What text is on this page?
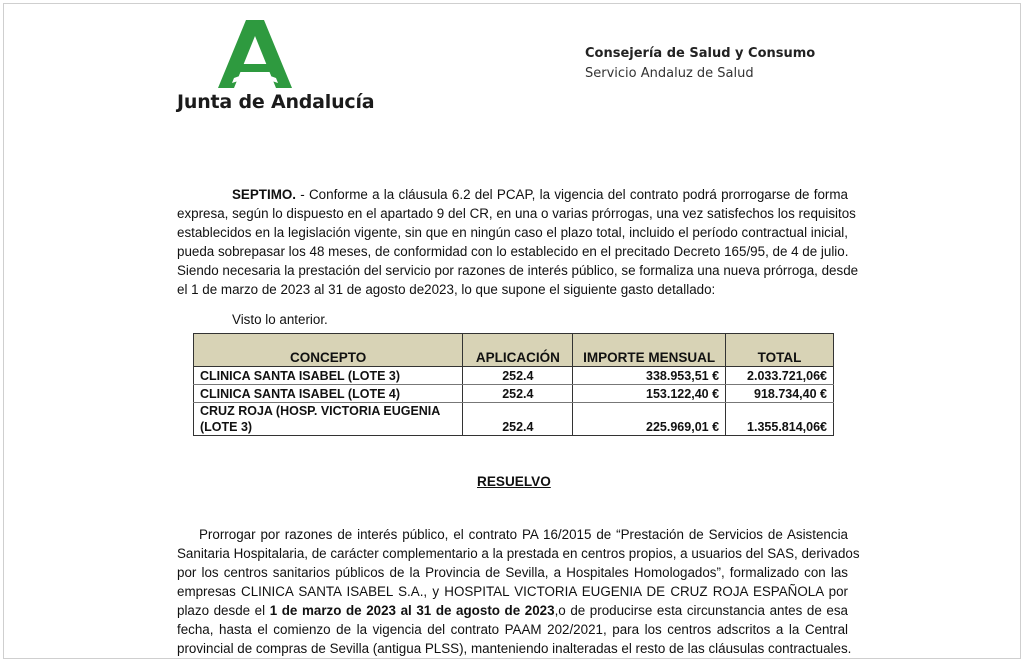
Junta de Andalucía
Consejería de Salud y Consumo
Servicio Andaluz de Salud
SEPTIMO. - Conforme a la cláusula 6.2 del PCAP, la vigencia del contrato podrá prorrogarse de forma
expresa, según lo dispuesto en el apartado 9 del CR, en una o varias prórrogas, una vez satisfechos los requisitos
establecidos en la legislación vigente, sin que en ningún caso el plazo total, incluido el período contractual inicial,
pueda sobrepasar los 48 meses, de conformidad con lo establecido en el precitado Decreto 165/95, de 4 de julio.
Siendo necesaria la prestación del servicio por razones de interés público, se formaliza una nueva prórroga, desde
el 1 de marzo de 2023 al 31 de agosto de2023, lo que supone el siguiente gasto detallado:
Visto lo anterior.
CONCEPTO	APLICACIÓN	IMPORTE MENSUAL	TOTAL
CLINICA SANTA ISABEL (LOTE 3)	252.4	338.953,51 €	2.033.721,06€
CLINICA SANTA ISABEL (LOTE 4)	252.4	153.122,40 €	918.734,40 €
CRUZ ROJA (HOSP. VICTORIA EUGENIA
(LOTE 3)	252.4	225.969,01 €	1.355.814,06€
RESUELVO
Prorrogar por razones de interés público, el contrato PA 16/2015 de “Prestación de Servicios de Asistencia
Sanitaria Hospitalaria, de carácter complementario a la prestada en centros propios, a usuarios del SAS, derivados
por los centros sanitarios públicos de la Provincia de Sevilla, a Hospitales Homologados”, formalizado con las
empresas CLINICA SANTA ISABEL S.A., y HOSPITAL VICTORIA EUGENIA DE CRUZ ROJA ESPAÑOLA por
plazo desde el 1 de marzo de 2023 al 31 de agosto de 2023,o de producirse esta circunstancia antes de esa
fecha, hasta el comienzo de la vigencia del contrato PAAM 202/2021, para los centros adscritos a la Central
provincial de compras de Sevilla (antigua PLSS), manteniendo inalteradas el resto de las cláusulas contractuales.
